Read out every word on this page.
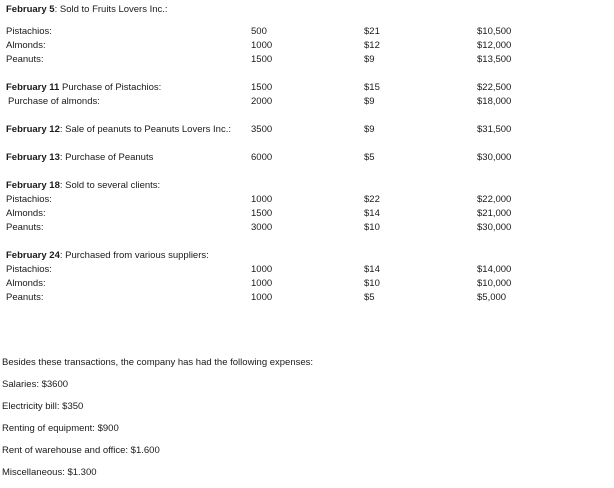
February 5: Sold to Fruits Lovers Inc.:
Pistachios:	500	$21	$10,500
Almonds:	1000	$12	$12,000
Peanuts:	1500	$9	$13,500
February 11 Purchase of Pistachios:	1500	$15	$22,500
Purchase of almonds:	2000	$9	$18,000
February 12: Sale of peanuts to Peanuts Lovers Inc.: 3500	$9	$31,500
February 13: Purchase of Peanuts	6000	$5	$30,000
February 18: Sold to several clients:
Pistachios:	1000	$22	$22,000
Almonds:	1500	$14	$21,000
Peanuts:	3000	$10	$30,000
February 24: Purchased from various suppliers:
Pistachios:	1000	$14	$14,000
Almonds:	1000	$10	$10,000
Peanuts:	1000	$5	$5,000
Besides these transactions, the company has had the following expenses:
Salaries: $3600
Electricity bill: $350
Renting of equipment: $900
Rent of warehouse and office: $1.600
Miscellaneous: $1.300
